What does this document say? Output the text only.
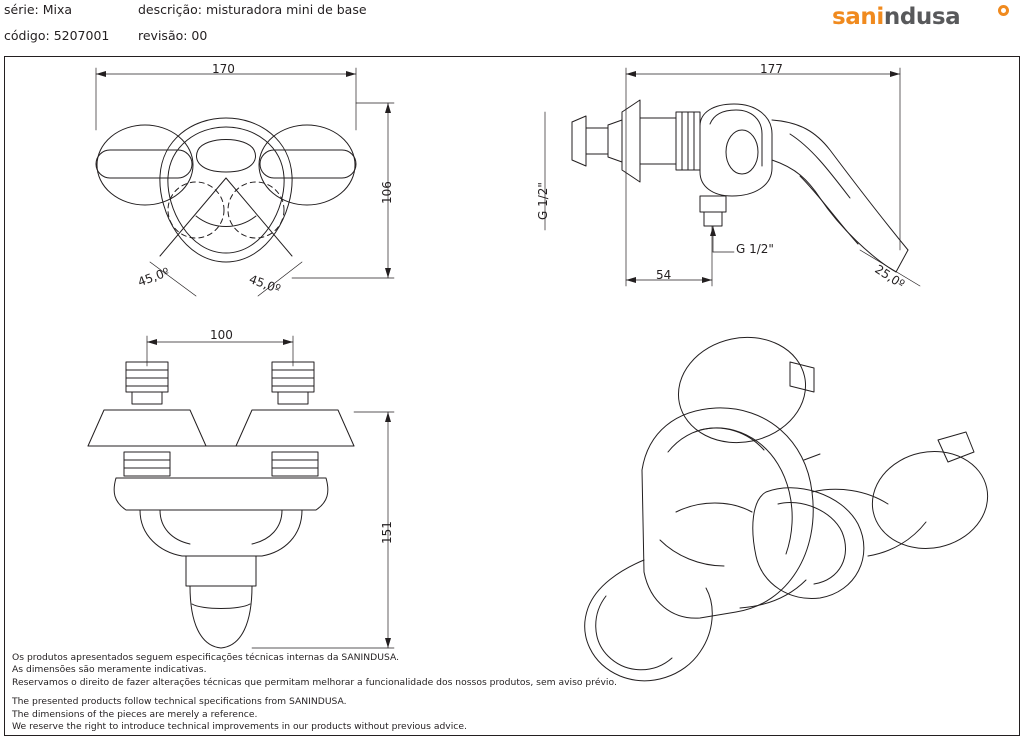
série: Mixa	descrição: misturadora mini de base
código: 5207001 revisão: 00
sanindusa
170
106
45,0º	45,0º
177
54
G 1/2"
G 1/2"
25,0º
100
151
Os produtos apresentados seguem especificações técnicas internas da SANINDUSA.
As dimensões são meramente indicativas.
Reservamos o direito de fazer alterações técnicas que permitam melhorar a funcionalidade dos nossos produtos, sem aviso prévio.
The presented products follow technical specifications from SANINDUSA.
The dimensions of the pieces are merely a reference.
We reserve the right to introduce technical improvements in our products without previous advice.
